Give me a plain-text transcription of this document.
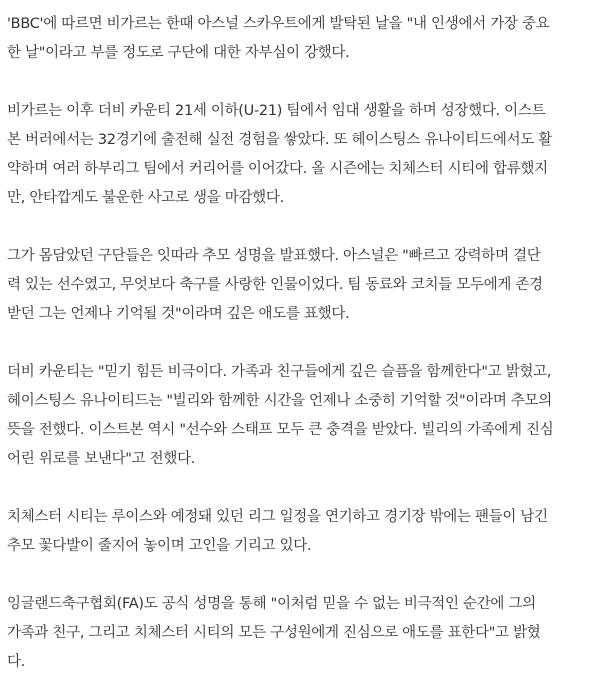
'BBC'에 따르면 비가르는 한때 아스널 스카우트에게 발탁된 날을 "내 인생에서 가장 중요
한 날"이라고 부를 정도로 구단에 대한 자부심이 강했다.

비가르는 이후 더비 카운티 21세 이하(U-21) 팀에서 임대 생활을 하며 성장했다. 이스트
본 버러에서는 32경기에 출전해 실전 경험을 쌓았다. 또 헤이스팅스 유나이티드에서도 활
약하며 여러 하부리그 팀에서 커리어를 이어갔다. 올 시즌에는 치체스터 시티에 합류했지
만, 안타깝게도 불운한 사고로 생을 마감했다.

그가 몸담았던 구단들은 잇따라 추모 성명을 발표했다. 아스널은 "빠르고 강력하며 결단
력 있는 선수였고, 무엇보다 축구를 사랑한 인물이었다. 팀 동료와 코치들 모두에게 존경
받던 그는 언제나 기억될 것"이라며 깊은 애도를 표했다.

더비 카운티는 "믿기 힘든 비극이다. 가족과 친구들에게 깊은 슬픔을 함께한다"고 밝혔고,
헤이스팅스 유나이티드는 "빌리와 함께한 시간을 언제나 소중히 기억할 것"이라며 추모의
뜻을 전했다. 이스트본 역시 "선수와 스태프 모두 큰 충격을 받았다. 빌리의 가족에게 진심
어린 위로를 보낸다"고 전했다.

치체스터 시티는 루이스와 예정돼 있던 리그 일정을 연기하고 경기장 밖에는 팬들이 남긴
추모 꽃다발이 줄지어 놓이며 고인을 기리고 있다.

잉글랜드축구협회(FA)도 공식 성명을 통해 "이처럼 믿을 수 없는 비극적인 순간에 그의
가족과 친구, 그리고 치체스터 시티의 모든 구성원에게 진심으로 애도를 표한다"고 밝혔
다.
